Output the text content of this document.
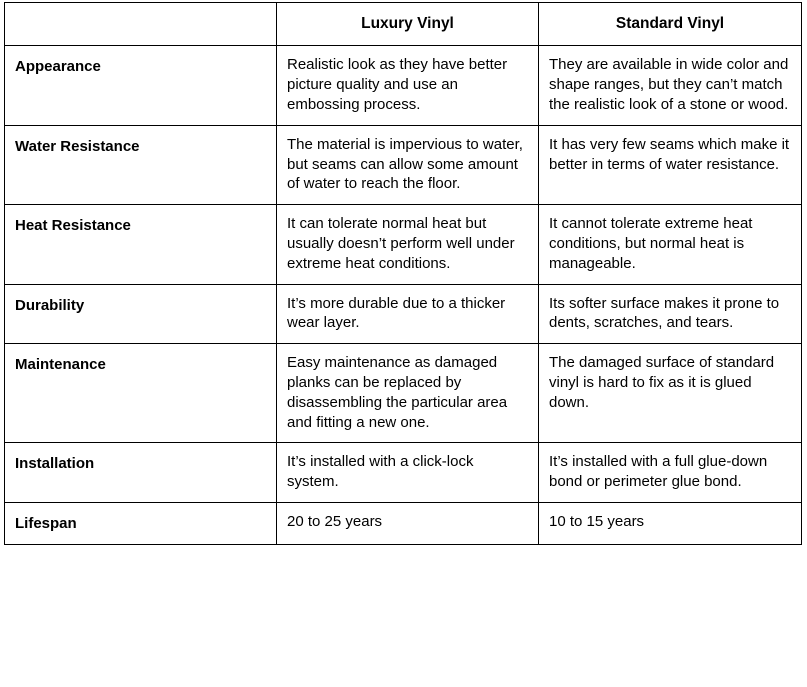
	Luxury Vinyl	Standard Vinyl
Appearance	Realistic look as they have better picture quality and use an embossing process.	They are available in wide color and shape ranges, but they can’t match the realistic look of a stone or wood.
Water Resistance	The material is impervious to water, but seams can allow some amount of water to reach the floor.	It has very few seams which make it better in terms of water resistance.
Heat Resistance	It can tolerate normal heat but usually doesn’t perform well under extreme heat conditions.	It cannot tolerate extreme heat conditions, but normal heat is manageable.
Durability	It’s more durable due to a thicker wear layer.	Its softer surface makes it prone to dents, scratches, and tears.
Maintenance	Easy maintenance as damaged planks can be replaced by disassembling the particular area and fitting a new one.	The damaged surface of standard vinyl is hard to fix as it is glued down.
Installation	It’s installed with a click-lock system.	It’s installed with a full glue-down bond or perimeter glue bond.
Lifespan	20 to 25 years	10 to 15 years
